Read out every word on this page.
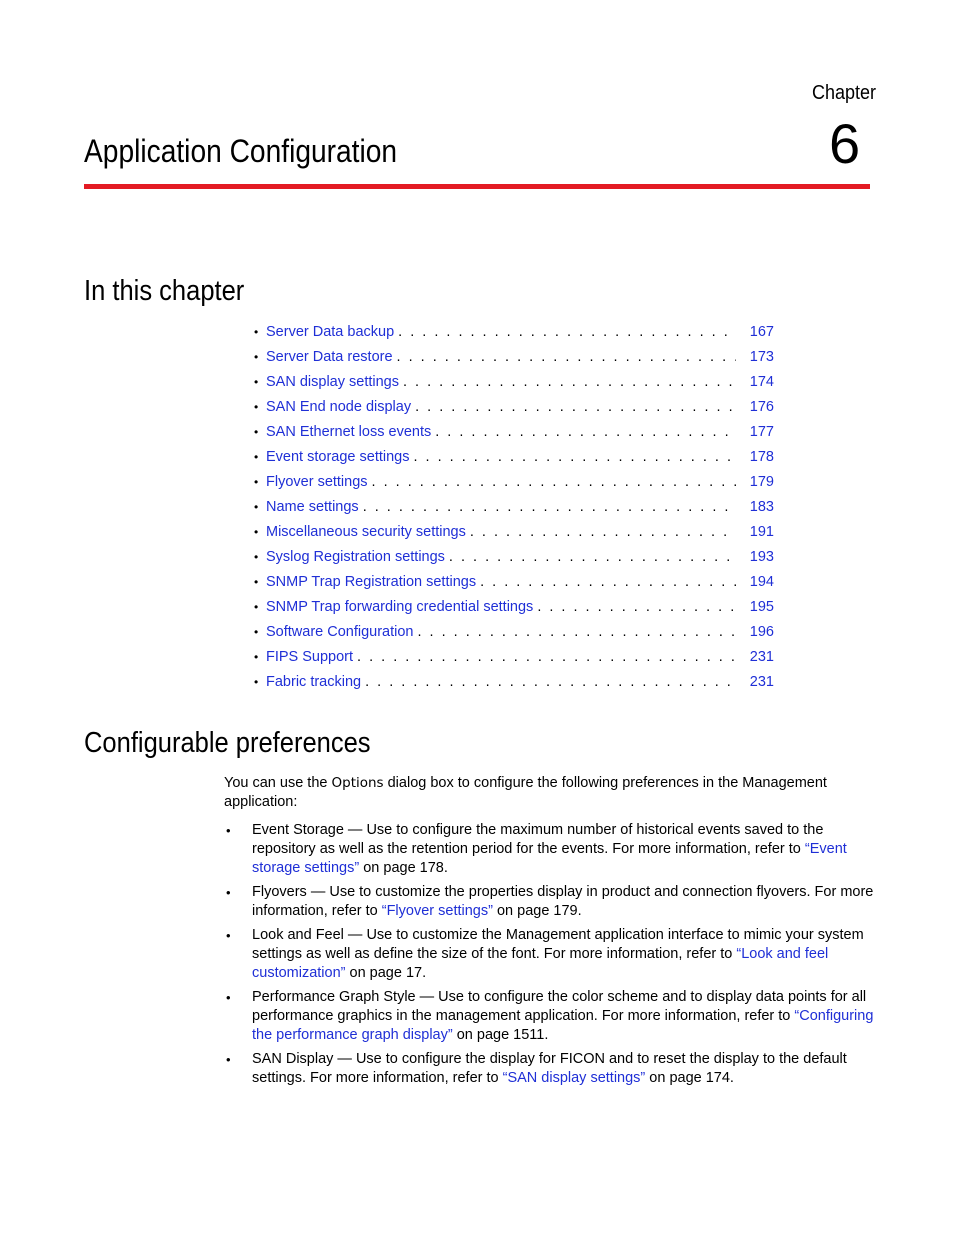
Chapter
6
Application Configuration
In this chapter
• Server Data backup . . .	167
• Server Data restore . . .	173
• SAN display settings . . .	174
• SAN End node display . . .	176
• SAN Ethernet loss events . . .	177
• Event storage settings . . .	178
• Flyover settings . . .	179
• Name settings . . .	183
• Miscellaneous security settings . . .	191
• Syslog Registration settings . . .	193
• SNMP Trap Registration settings . . .	194
• SNMP Trap forwarding credential settings . . .	195
• Software Configuration . . .	196
• FIPS Support . . .	231
• Fabric tracking . . .	231
Configurable preferences

You can use the Options dialog box to configure the following preferences in the Management application:

• Event Storage — Use to configure the maximum number of historical events saved to the repository as well as the retention period for the events. For more information, refer to “Event storage settings” on page 178.
• Flyovers — Use to customize the properties display in product and connection flyovers. For more information, refer to “Flyover settings” on page 179.
• Look and Feel — Use to customize the Management application interface to mimic your system settings as well as define the size of the font. For more information, refer to “Look and feel customization” on page 17.
• Performance Graph Style — Use to configure the color scheme and to display data points for all performance graphics in the management application. For more information, refer to “Configuring the performance graph display” on page 1511.
• SAN Display — Use to configure the display for FICON and to reset the display to the default settings. For more information, refer to “SAN display settings” on page 174.
